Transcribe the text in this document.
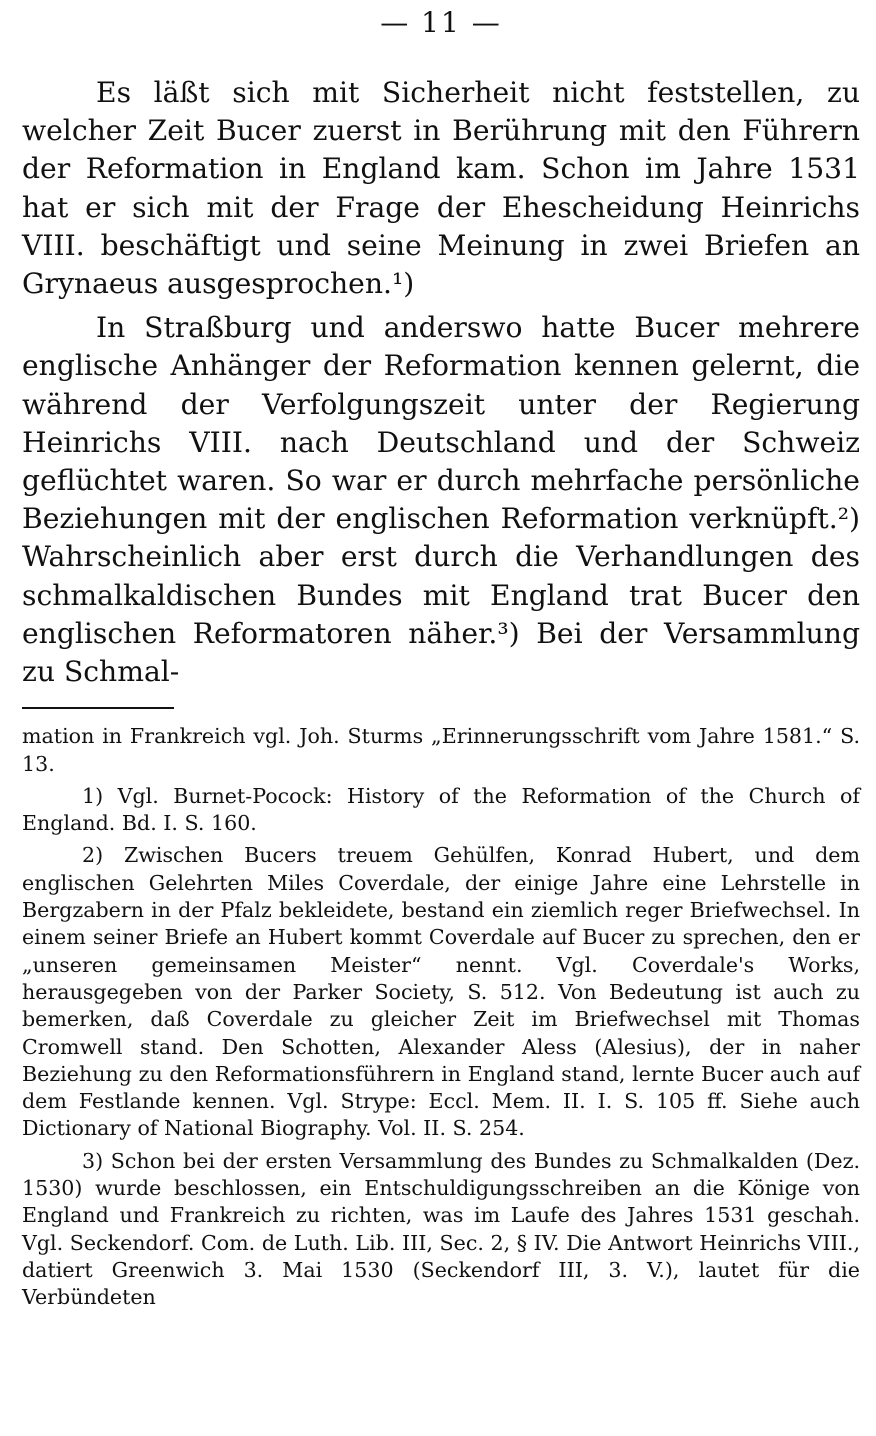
— 11 —

Es läßt sich mit Sicherheit nicht feststellen, zu welcher Zeit Bucer zuerst in Berührung mit den Führern der Reformation in England kam. Schon im Jahre 1531 hat er sich mit der Frage der Ehescheidung Heinrichs VIII. beschäftigt und seine Meinung in zwei Briefen an Grynaeus ausgesprochen.¹)

In Straßburg und anderswo hatte Bucer mehrere englische Anhänger der Reformation kennen gelernt, die während der Verfolgungszeit unter der Regierung Heinrichs VIII. nach Deutschland und der Schweiz geflüchtet waren. So war er durch mehrfache persönliche Beziehungen mit der englischen Reformation verknüpft.²) Wahrscheinlich aber erst durch die Verhandlungen des schmalkaldischen Bundes mit England trat Bucer den englischen Reformatoren näher.³) Bei der Versammlung zu Schmal-

mation in Frankreich vgl. Joh. Sturms „Erinnerungsschrift vom Jahre 1581.“ S. 13.

1) Vgl. Burnet-Pocock: History of the Reformation of the Church of England. Bd. I. S. 160.

2) Zwischen Bucers treuem Gehülfen, Konrad Hubert, und dem englischen Gelehrten Miles Coverdale, der einige Jahre eine Lehrstelle in Bergzabern in der Pfalz bekleidete, bestand ein ziemlich reger Briefwechsel. In einem seiner Briefe an Hubert kommt Coverdale auf Bucer zu sprechen, den er „unseren gemeinsamen Meister“ nennt. Vgl. Coverdale's Works, herausgegeben von der Parker Society, S. 512. Von Bedeutung ist auch zu bemerken, daß Coverdale zu gleicher Zeit im Briefwechsel mit Thomas Cromwell stand. Den Schotten, Alexander Aless (Alesius), der in naher Beziehung zu den Reformationsführern in England stand, lernte Bucer auch auf dem Festlande kennen. Vgl. Strype: Eccl. Mem. II. I. S. 105 ff. Siehe auch Dictionary of National Biography. Vol. II. S. 254.

3) Schon bei der ersten Versammlung des Bundes zu Schmalkalden (Dez. 1530) wurde beschlossen, ein Entschuldigungsschreiben an die Könige von England und Frankreich zu richten, was im Laufe des Jahres 1531 geschah. Vgl. Seckendorf. Com. de Luth. Lib. III, Sec. 2, § IV. Die Antwort Heinrichs VIII., datiert Greenwich 3. Mai 1530 (Seckendorf III, 3. V.), lautet für die Verbündeten
